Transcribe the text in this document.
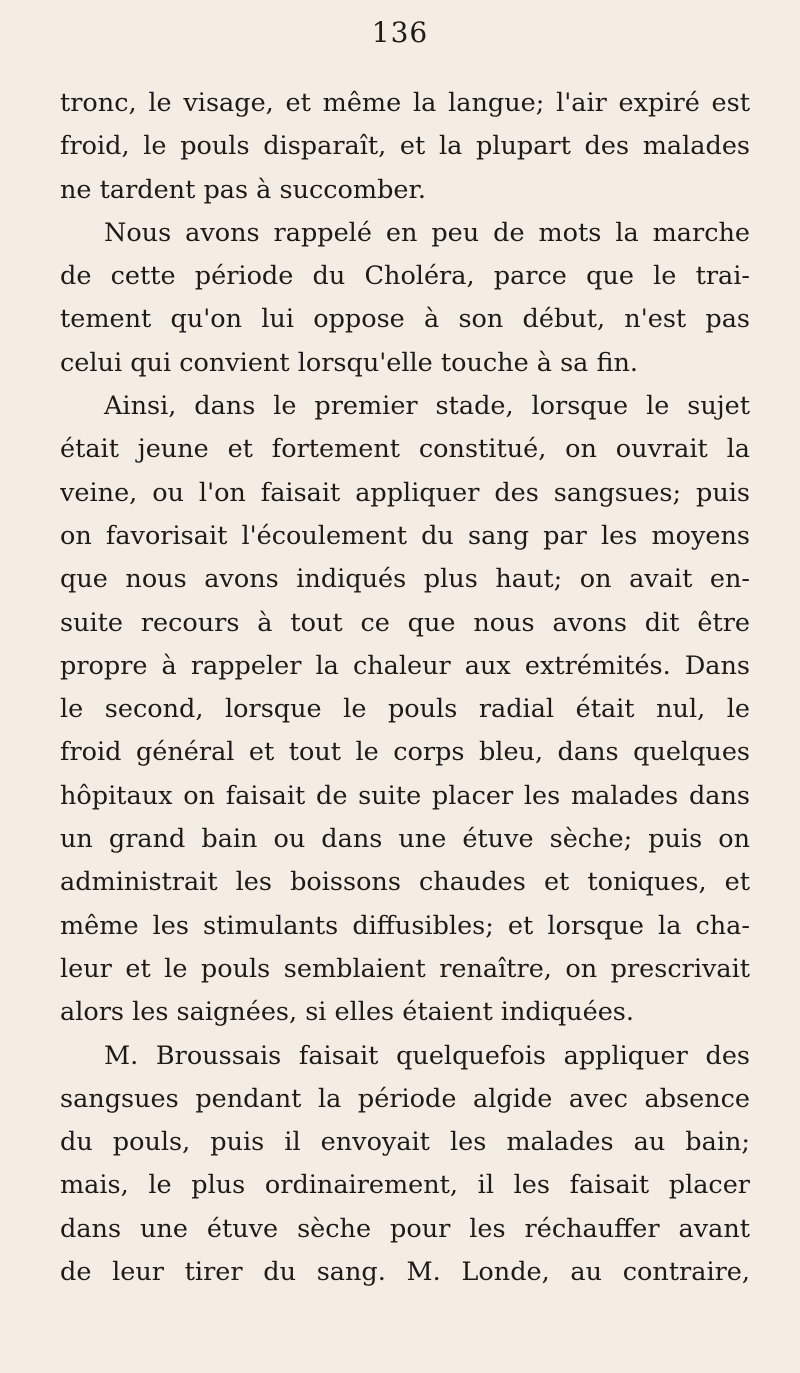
136
tronc, le visage, et même la langue; l'air expiré est
froid, le pouls disparaît, et la plupart des malades
ne tardent pas à succomber.
Nous avons rappelé en peu de mots la marche
de cette période du Choléra, parce que le trai-
tement qu'on lui oppose à son début, n'est pas
celui qui convient lorsqu'elle touche à sa fin.
Ainsi, dans le premier stade, lorsque le sujet
était jeune et fortement constitué, on ouvrait la
veine, ou l'on faisait appliquer des sangsues; puis
on favorisait l'écoulement du sang par les moyens
que nous avons indiqués plus haut; on avait en-
suite recours à tout ce que nous avons dit être
propre à rappeler la chaleur aux extrémités. Dans
le second, lorsque le pouls radial était nul, le
froid général et tout le corps bleu, dans quelques
hôpitaux on faisait de suite placer les malades dans
un grand bain ou dans une étuve sèche; puis on
administrait les boissons chaudes et toniques, et
même les stimulants diffusibles; et lorsque la cha-
leur et le pouls semblaient renaître, on prescrivait
alors les saignées, si elles étaient indiquées.
M. Broussais faisait quelquefois appliquer des
sangsues pendant la période algide avec absence
du pouls, puis il envoyait les malades au bain;
mais, le plus ordinairement, il les faisait placer
dans une étuve sèche pour les réchauffer avant
de leur tirer du sang. M. Londe, au contraire,
